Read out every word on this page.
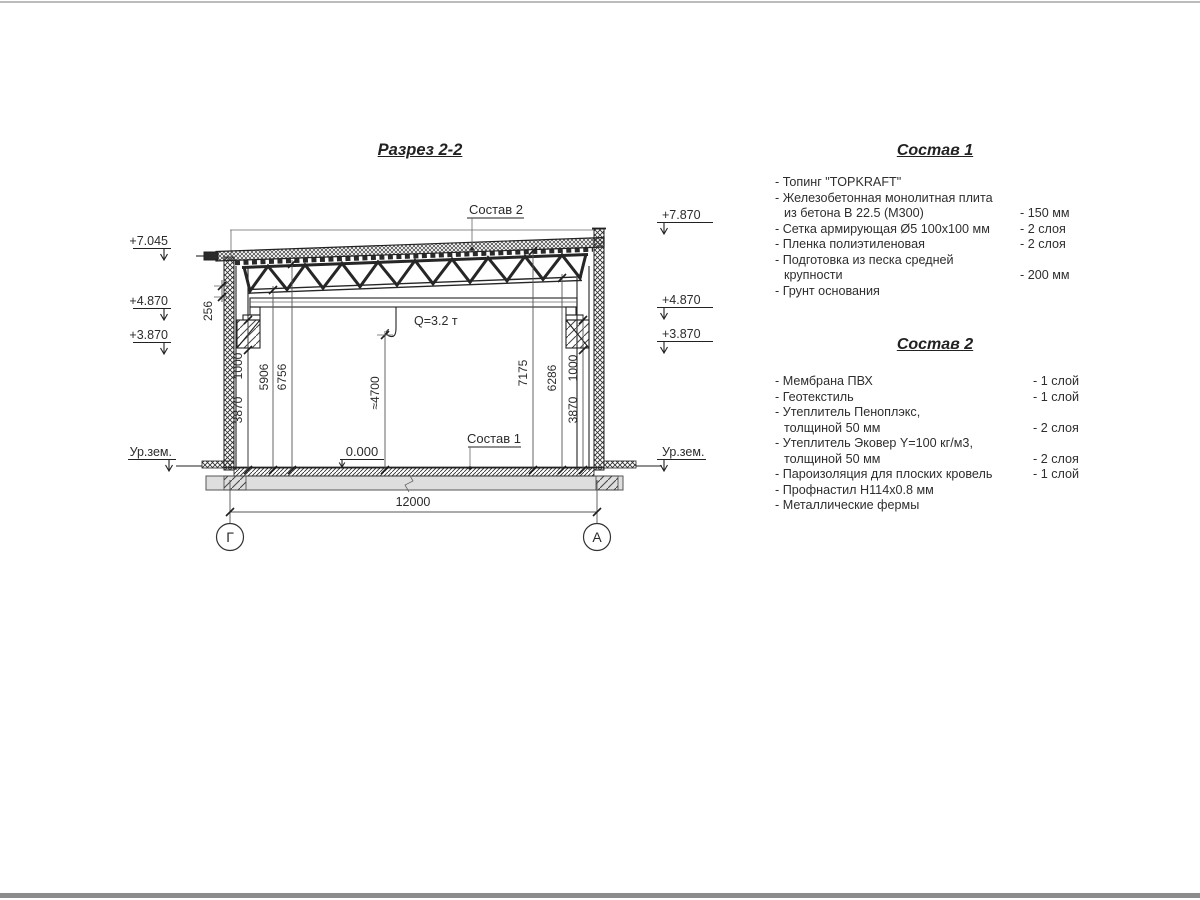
Разрез 2-2
3870
1000 5906 6756	≈4700
7175 6286 1000
3870
256
12000
Г	А
+7.045
+4.870
+3.870
Ур.зем.
+7.870
+4.870
+3.870
Ур.зем.
Состав 2
Состав 1
0.000
Q=3.2 т
Состав 1
- Топинг "TOPKRAFT"
- Железобетонная монолитная плита
из бетона В 22.5 (М300)	- 150 мм
- Сетка армирующая Ø5 100х100 мм - 2 слоя
- Пленка полиэтиленовая	- 2 слоя
- Подготовка из песка средней
крупности	- 200 мм
- Грунт основания
Состав 2
- Мембрана ПВХ	- 1 слой
- Геотекстиль	- 1 слой
- Утеплитель Пеноплэкс,
толщиной 50 мм	- 2 слоя
- Утеплитель Эковер Y=100 кг/м3,
толщиной 50 мм	- 2 слоя
- Пароизоляция для плоских кровель	- 1 слой
- Профнастил Н114х0.8 мм
- Металлические фермы
